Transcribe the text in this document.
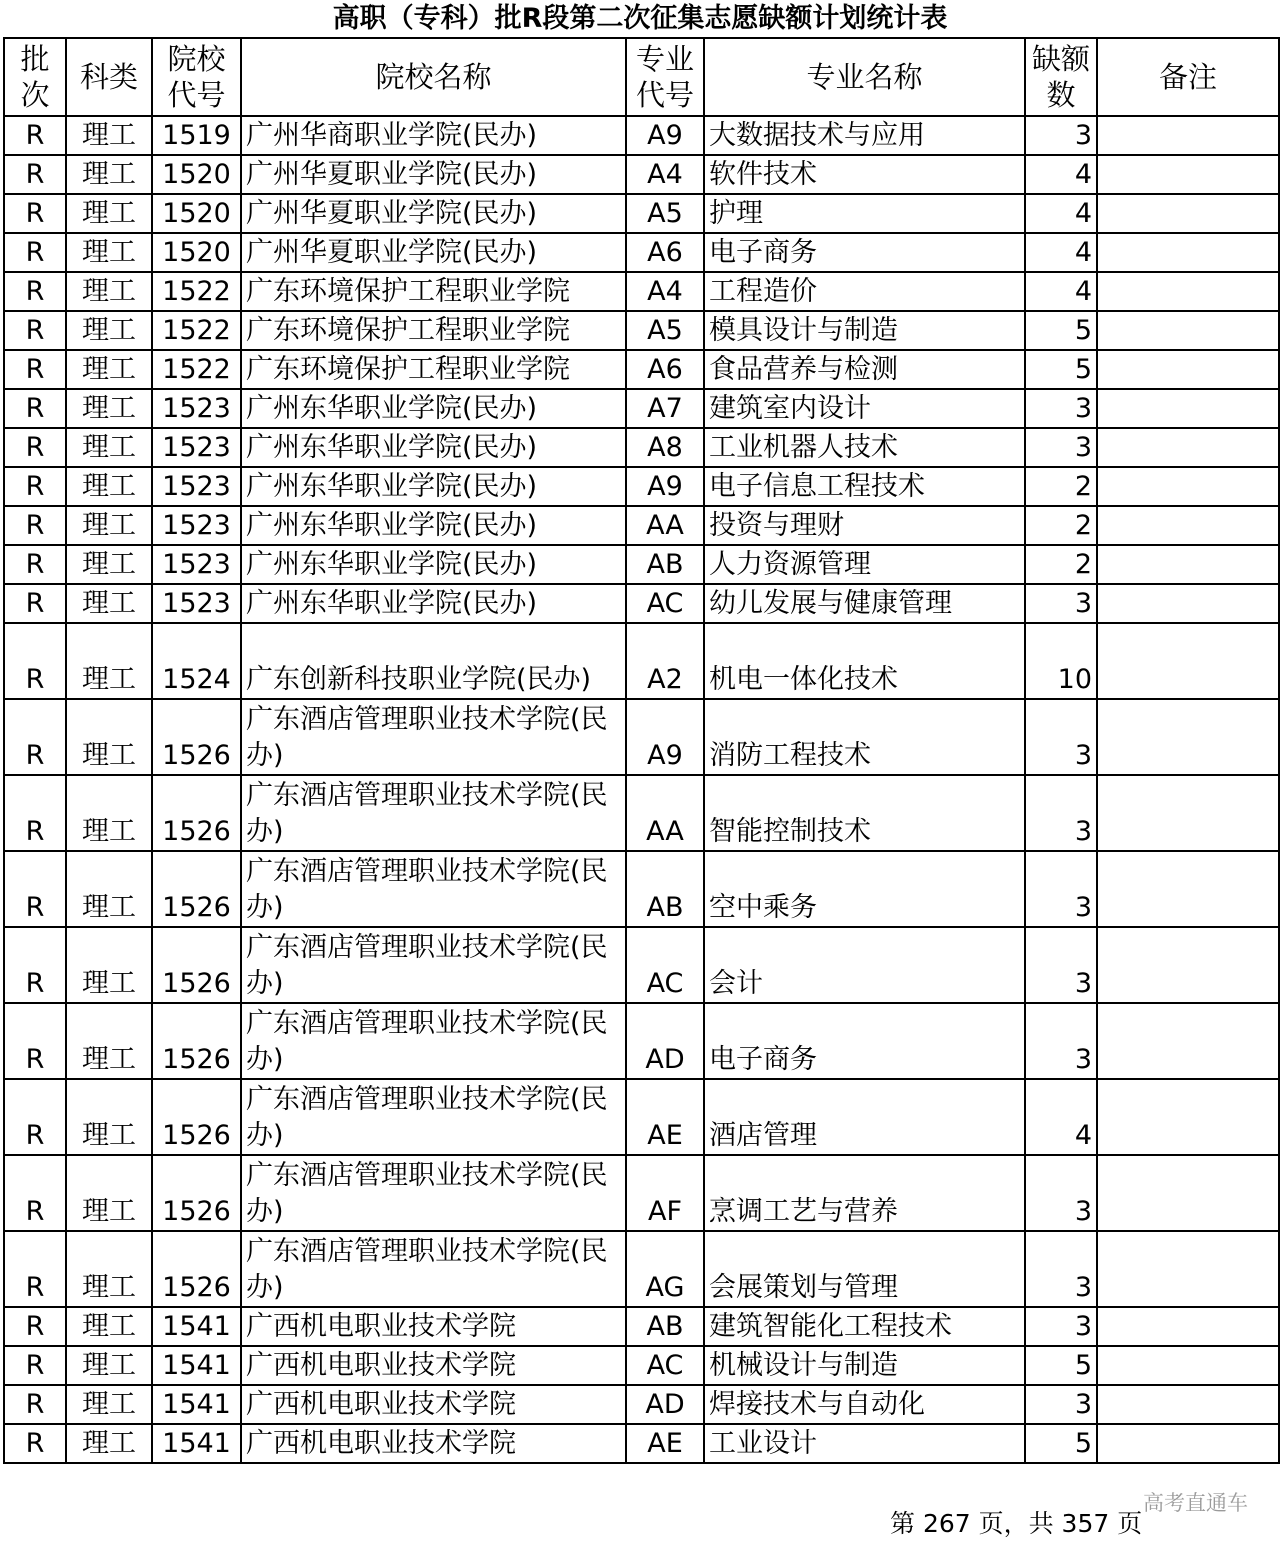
高职（专科）批R段第二次征集志愿缺额计划统计表
批次	科类	院校代号	院校名称	专业代号	专业名称	缺额数	备注
R	理工	1519	广州华商职业学院(民办)	A9	大数据技术与应用	3	
R	理工	1520	广州华夏职业学院(民办)	A4	软件技术	4	
R	理工	1520	广州华夏职业学院(民办)	A5	护理	4	
R	理工	1520	广州华夏职业学院(民办)	A6	电子商务	4	
R	理工	1522	广东环境保护工程职业学院	A4	工程造价	4	
R	理工	1522	广东环境保护工程职业学院	A5	模具设计与制造	5	
R	理工	1522	广东环境保护工程职业学院	A6	食品营养与检测	5	
R	理工	1523	广州东华职业学院(民办)	A7	建筑室内设计	3	
R	理工	1523	广州东华职业学院(民办)	A8	工业机器人技术	3	
R	理工	1523	广州东华职业学院(民办)	A9	电子信息工程技术	2	
R	理工	1523	广州东华职业学院(民办)	AA	投资与理财	2	
R	理工	1523	广州东华职业学院(民办)	AB	人力资源管理	2	
R	理工	1523	广州东华职业学院(民办)	AC	幼儿发展与健康管理	3	
R	理工	1524	广东创新科技职业学院(民办)	A2	机电一体化技术	10	
R	理工	1526	广东酒店管理职业技术学院(民办)	A9	消防工程技术	3	
R	理工	1526	广东酒店管理职业技术学院(民办)	AA	智能控制技术	3	
R	理工	1526	广东酒店管理职业技术学院(民办)	AB	空中乘务	3	
R	理工	1526	广东酒店管理职业技术学院(民办)	AC	会计	3	
R	理工	1526	广东酒店管理职业技术学院(民办)	AD	电子商务	3	
R	理工	1526	广东酒店管理职业技术学院(民办)	AE	酒店管理	4	
R	理工	1526	广东酒店管理职业技术学院(民办)	AF	烹调工艺与营养	3	
R	理工	1526	广东酒店管理职业技术学院(民办)	AG	会展策划与管理	3	
R	理工	1541	广西机电职业技术学院	AB	建筑智能化工程技术	3	
R	理工	1541	广西机电职业技术学院	AC	机械设计与制造	5	
R	理工	1541	广西机电职业技术学院	AD	焊接技术与自动化	3	
R	理工	1541	广西机电职业技术学院	AE	工业设计	5	
第 267 页，共 357 页
高考直通车
